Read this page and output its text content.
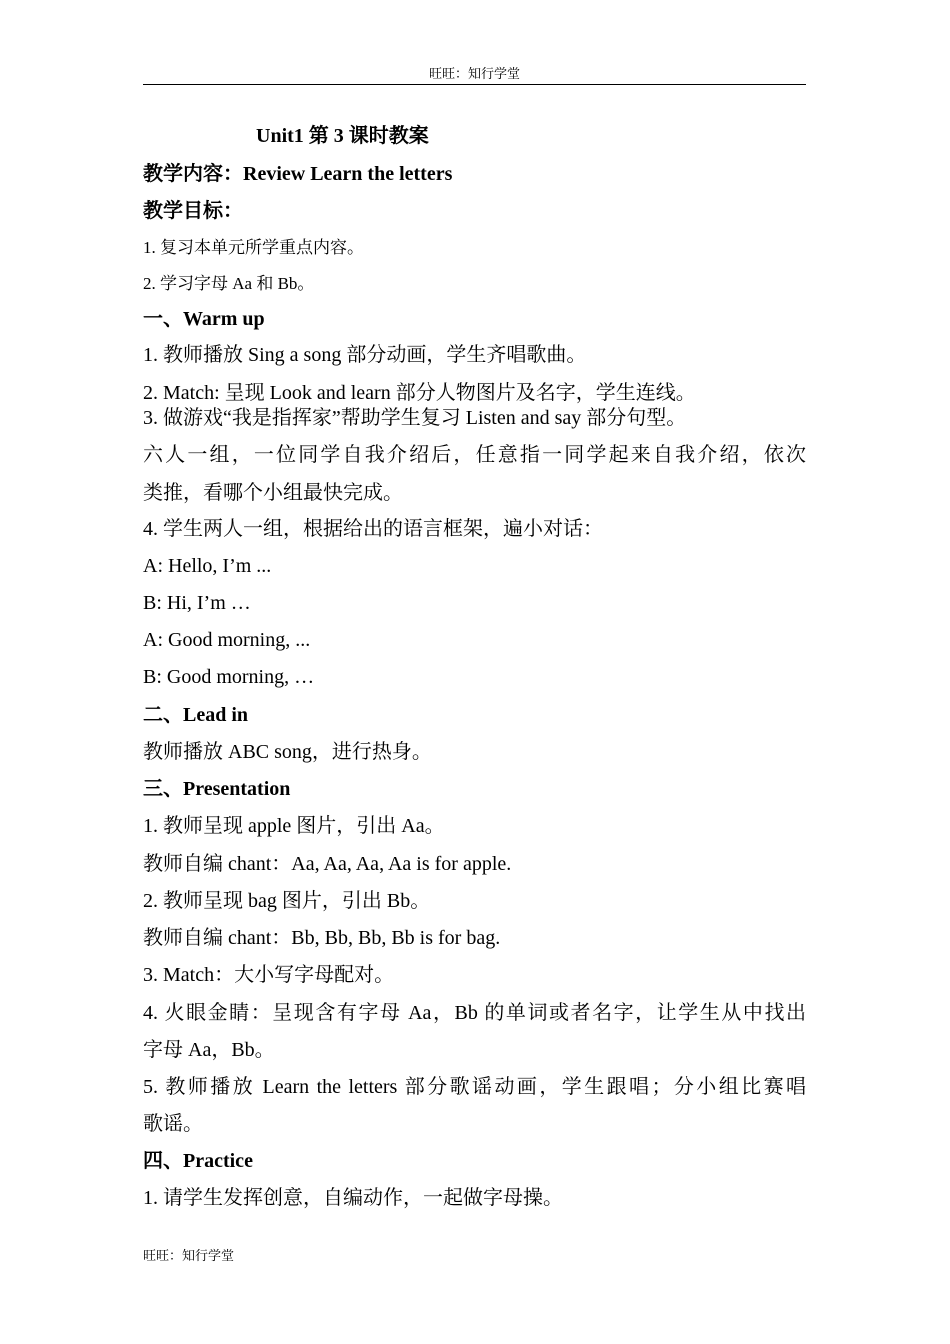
旺旺：知行学堂
Unit1 第 3 课时教案
教学内容：Review Learn the letters
教学目标：
1. 复习本单元所学重点内容。
2. 学习字母 Aa 和 Bb。
一、Warm up
1. 教师播放 Sing a song 部分动画，学生齐唱歌曲。
2. Match: 呈现 Look and learn 部分人物图片及名字，学生连线。
3. 做游戏“我是指挥家”帮助学生复习 Listen and say 部分句型。
六人一组，一位同学自我介绍后，任意指一同学起来自我介绍，依次
类推，看哪个小组最快完成。
4. 学生两人一组，根据给出的语言框架，遍小对话：
A: Hello, I’m ...
B: Hi, I’m …
A: Good morning, ...
B: Good morning, …
二、Lead in
教师播放 ABC song，进行热身。
三、Presentation
1. 教师呈现 apple 图片，引出 Aa。
教师自编 chant：Aa, Aa, Aa, Aa is for apple.
2. 教师呈现 bag 图片，引出 Bb。
教师自编 chant：Bb, Bb, Bb, Bb is for bag.
3. Match：大小写字母配对。
4. 火眼金睛：呈现含有字母 Aa，Bb 的单词或者名字，让学生从中找出
字母 Aa，Bb。
5. 教师播放 Learn the letters 部分歌谣动画，学生跟唱；分小组比赛唱
歌谣。
四、Practice
1. 请学生发挥创意，自编动作，一起做字母操。
旺旺：知行学堂
